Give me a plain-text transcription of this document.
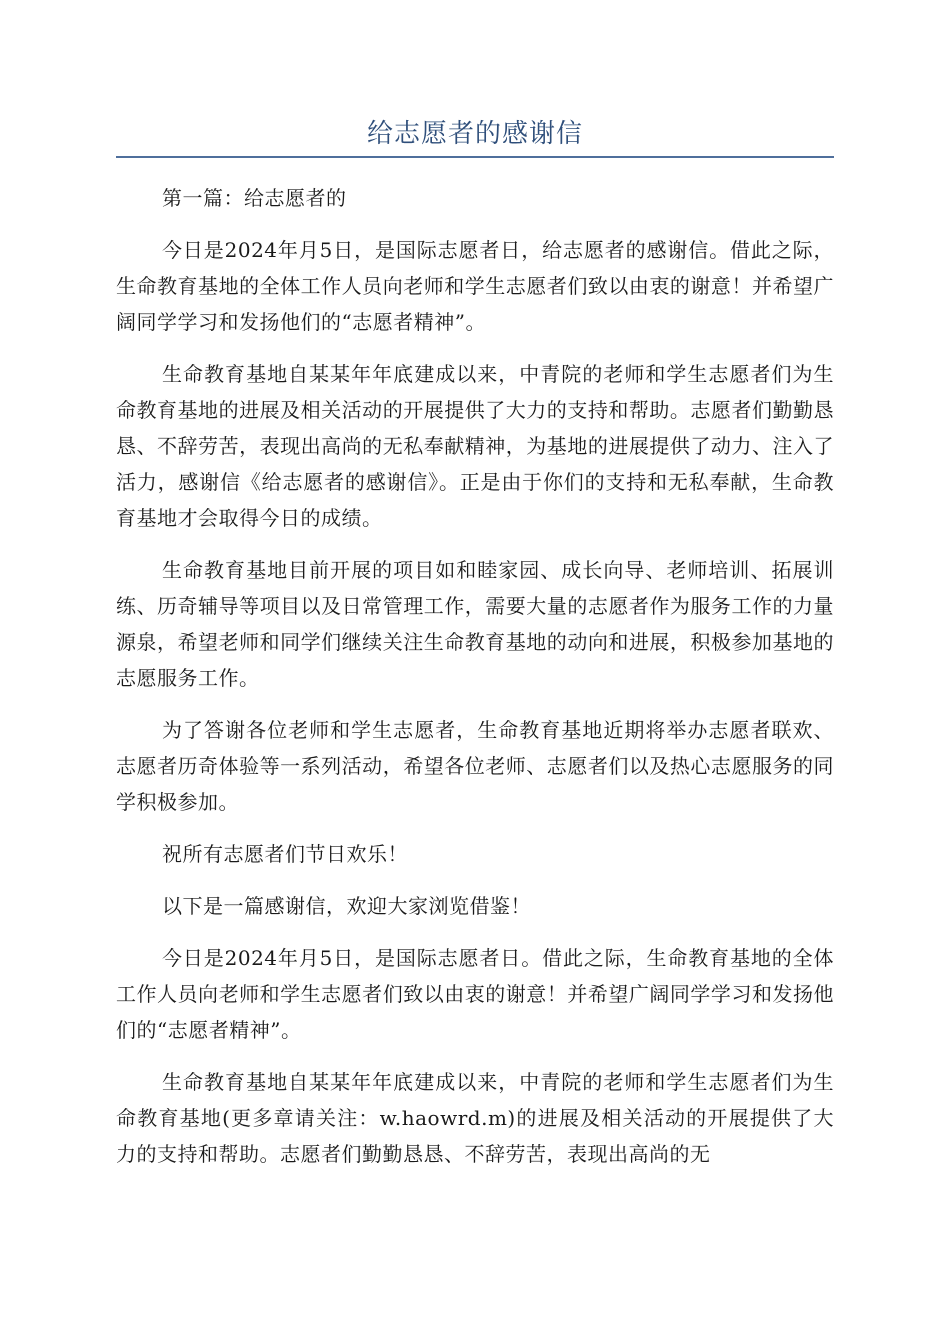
给志愿者的感谢信

第一篇：给志愿者的

今日是2024年月5日，是国际志愿者日，给志愿者的感谢信。借此之际，生命教育基地的全体工作人员向老师和学生志愿者们致以由衷的谢意！并希望广阔同学学习和发扬他们的“志愿者精神”。

生命教育基地自某某年年底建成以来，中青院的老师和学生志愿者们为生命教育基地的进展及相关活动的开展提供了大力的支持和帮助。志愿者们勤勤恳恳、不辞劳苦，表现出高尚的无私奉献精神，为基地的进展提供了动力、注入了活力，感谢信《给志愿者的感谢信》。正是由于你们的支持和无私奉献，生命教育基地才会取得今日的成绩。

生命教育基地目前开展的项目如和睦家园、成长向导、老师培训、拓展训练、历奇辅导等项目以及日常管理工作，需要大量的志愿者作为服务工作的力量源泉，希望老师和同学们继续关注生命教育基地的动向和进展，积极参加基地的志愿服务工作。

为了答谢各位老师和学生志愿者，生命教育基地近期将举办志愿者联欢、志愿者历奇体验等一系列活动，希望各位老师、志愿者们以及热心志愿服务的同学积极参加。

祝所有志愿者们节日欢乐！

以下是一篇感谢信，欢迎大家浏览借鉴！

今日是2024年月5日，是国际志愿者日。借此之际，生命教育基地的全体工作人员向老师和学生志愿者们致以由衷的谢意！并希望广阔同学学习和发扬他们的“志愿者精神”。

生命教育基地自某某年年底建成以来，中青院的老师和学生志愿者们为生命教育基地(更多章请关注：w.haowrd.m)的进展及相关活动的开展提供了大力的支持和帮助。志愿者们勤勤恳恳、不辞劳苦，表现出高尚的无
